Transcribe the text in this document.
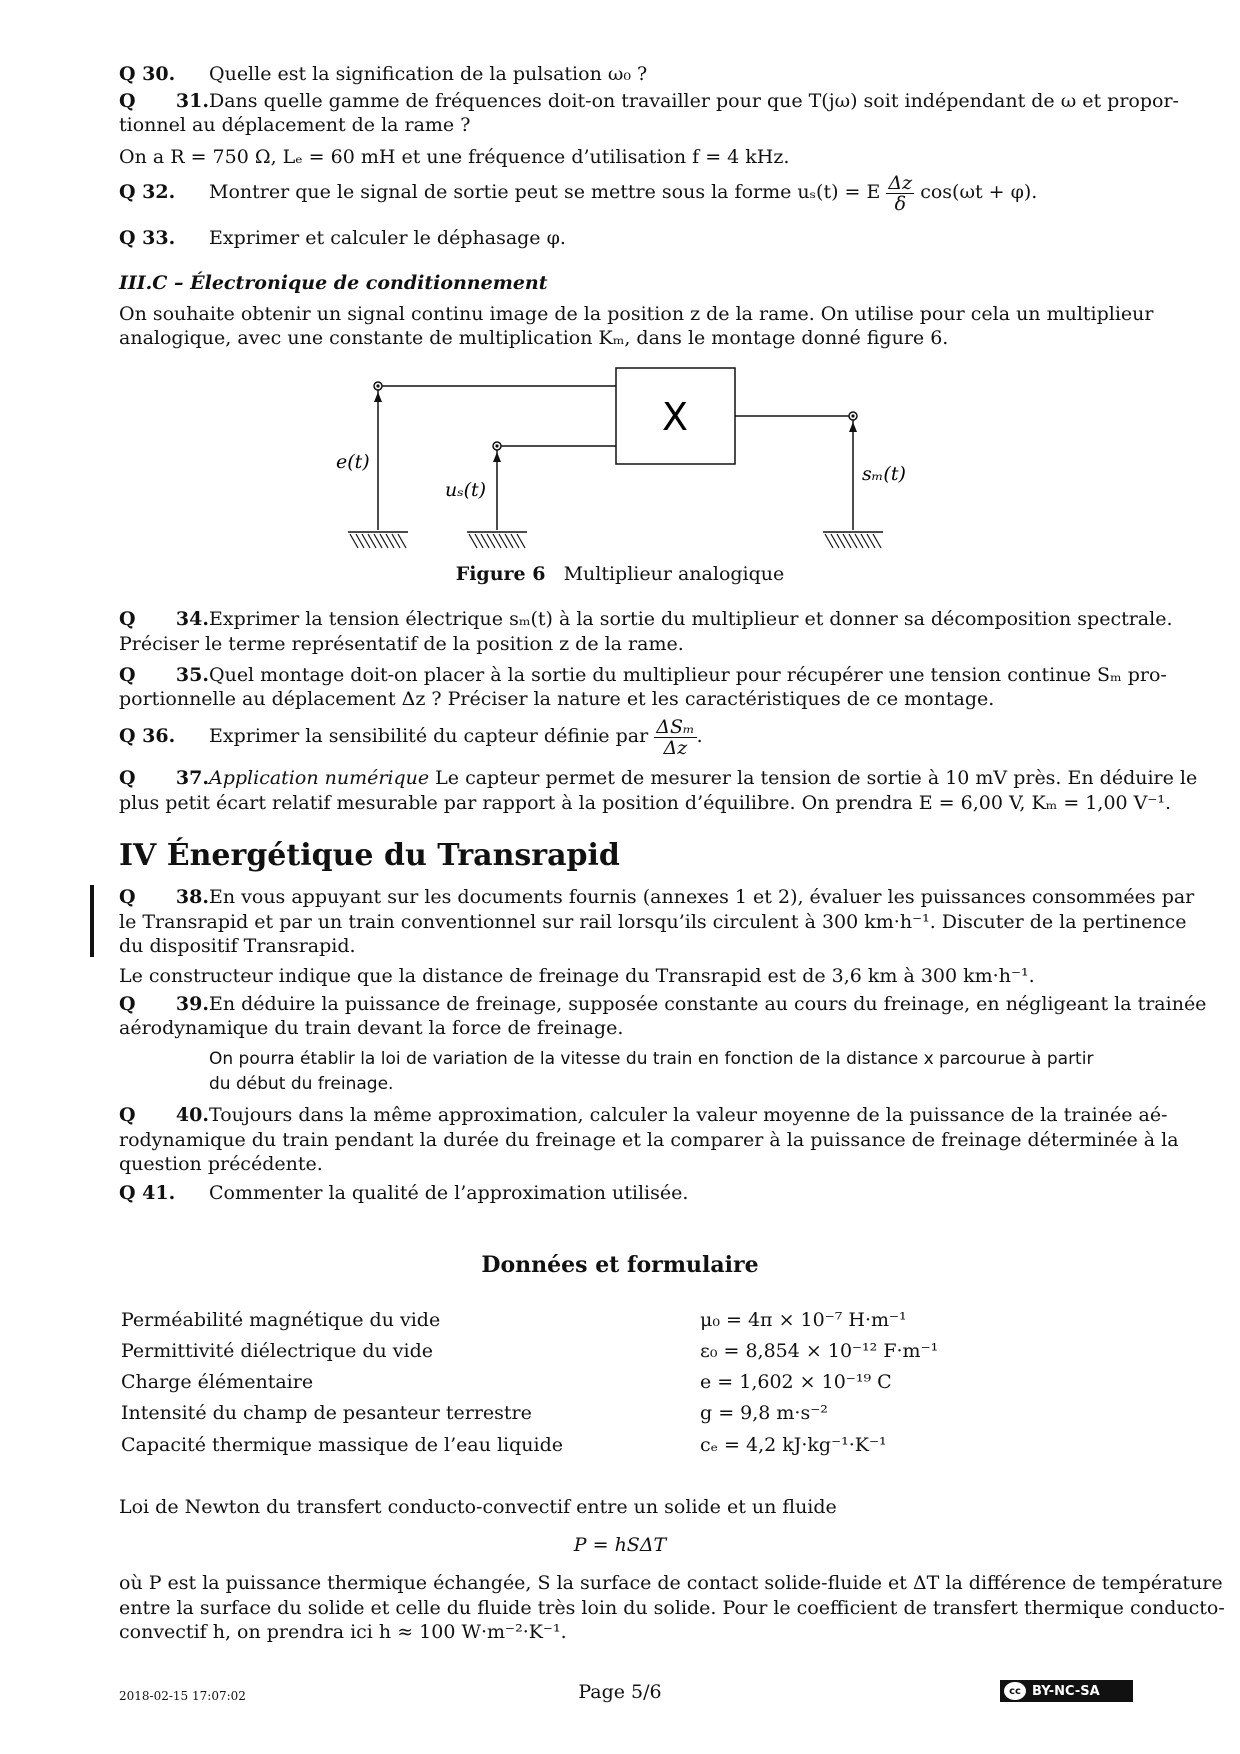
Q 30. Quelle est la signification de la pulsation ω₀ ?
Q 31.Dans quelle gamme de fréquences doit-on travailler pour que T(jω) soit indépendant de ω et propor-
tionnel au déplacement de la rame ?
On a R = 750 Ω, Lₑ = 60 mH et une fréquence d’utilisation f = 4 kHz.
Q 32. Montrer que le signal de sortie peut se mettre sous la forme uₛ(t) = E $\frac{\Delta z}{\delta} \cos(\omega t + \varphi)$.
Q 33. Exprimer et calculer le déphasage φ.
III.C – Électronique de conditionnement
On souhaite obtenir un signal continu image de la position z de la rame. On utilise pour cela un multiplieur
analogique, avec une constante de multiplication Kₘ, dans le montage donné figure 6.
X
e(t)
uₛ(t)
sₘ(t)
Figure 6 Multiplieur analogique
Q 34.Exprimer la tension électrique sₘ(t) à la sortie du multiplieur et donner sa décomposition spectrale.
Préciser le terme représentatif de la position z de la rame.
Q 35.Quel montage doit-on placer à la sortie du multiplieur pour récupérer une tension continue Sₘ pro-
portionnelle au déplacement Δz ? Préciser la nature et les caractéristiques de ce montage.
Q 36. Exprimer la sensibilité du capteur définie par $\frac{\text{ΔSₘ}}{\Delta z}$ .
Q 37.Application numérique Le capteur permet de mesurer la tension de sortie à 10 mV près. En déduire le
plus petit écart relatif mesurable par rapport à la position d’équilibre. On prendra E = 6,00 V, Kₘ = 1,00 V⁻¹.
IV Énergétique du Transrapid
Q 38.En vous appuyant sur les documents fournis (annexes 1 et 2), évaluer les puissances consommées par
le Transrapid et par un train conventionnel sur rail lorsqu’ils circulent à 300 km·h⁻¹. Discuter de la pertinence
du dispositif Transrapid.
Le constructeur indique que la distance de freinage du Transrapid est de 3,6 km à 300 km·h⁻¹.
Q 39.En déduire la puissance de freinage, supposée constante au cours du freinage, en négligeant la trainée
aérodynamique du train devant la force de freinage.
On pourra établir la loi de variation de la vitesse du train en fonction de la distance x parcourue à partir
du début du freinage.
Q 40.Toujours dans la même approximation, calculer la valeur moyenne de la puissance de la trainée aé-
rodynamique du train pendant la durée du freinage et la comparer à la puissance de freinage déterminée à la
question précédente.
Q 41. Commenter la qualité de l’approximation utilisée.
Données et formulaire
Perméabilité magnétique du vide	μ₀ = 4π × 10⁻⁷ H·m⁻¹
Permittivité diélectrique du vide	ε₀ = 8,854 × 10⁻¹² F·m⁻¹
Charge élémentaire	e = 1,602 × 10⁻¹⁹ C
Intensité du champ de pesanteur terrestre	g = 9,8 m·s⁻²
Capacité thermique massique de l’eau liquide	cₑ = 4,2 kJ·kg⁻¹·K⁻¹
Loi de Newton du transfert conducto-convectif entre un solide et un fluide
P = hSΔT
où P est la puissance thermique échangée, S la surface de contact solide-fluide et ΔT la différence de température
entre la surface du solide et celle du fluide très loin du solide. Pour le coefficient de transfert thermique conducto-
convectif h, on prendra ici h ≈ 100 W·m⁻²·K⁻¹.
2018-02-15 17:07:02	Page 5/6	cc BY-NC-SA
